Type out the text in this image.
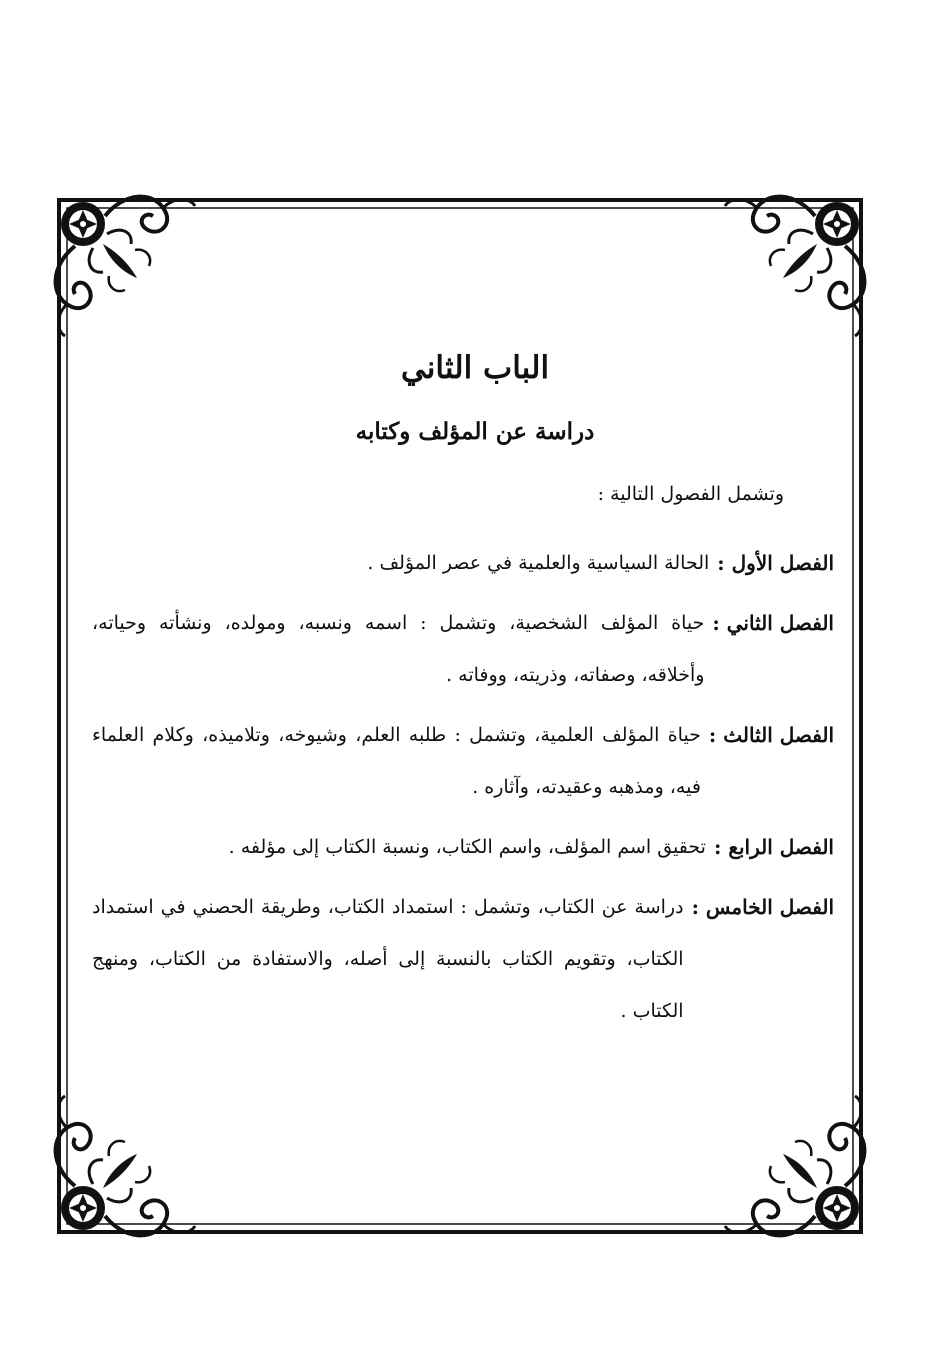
الباب الثاني
دراسة عن المؤلف وكتابه
وتشمل الفصول التالية :
الفصل الأول :
الحالة السياسية والعلمية في عصر المؤلف .
الفصل الثاني :
حياة المؤلف الشخصية، وتشمل : اسمه ونسبه، ومولده، ونشأته وحياته، وأخلاقه، وصفاته، وذريته، ووفاته .
الفصل الثالث :
حياة المؤلف العلمية، وتشمل : طلبه العلم، وشيوخه، وتلاميذه، وكلام العلماء فيه، ومذهبه وعقيدته، وآثاره .
الفصل الرابع :
تحقيق اسم المؤلف، واسم الكتاب، ونسبة الكتاب إلى مؤلفه .
الفصل الخامس :
دراسة عن الكتاب، وتشمل : استمداد الكتاب، وطريقة الحصني في استمداد الكتاب، وتقويم الكتاب بالنسبة إلى أصله، والاستفادة من الكتاب، ومنهج الكتاب .
